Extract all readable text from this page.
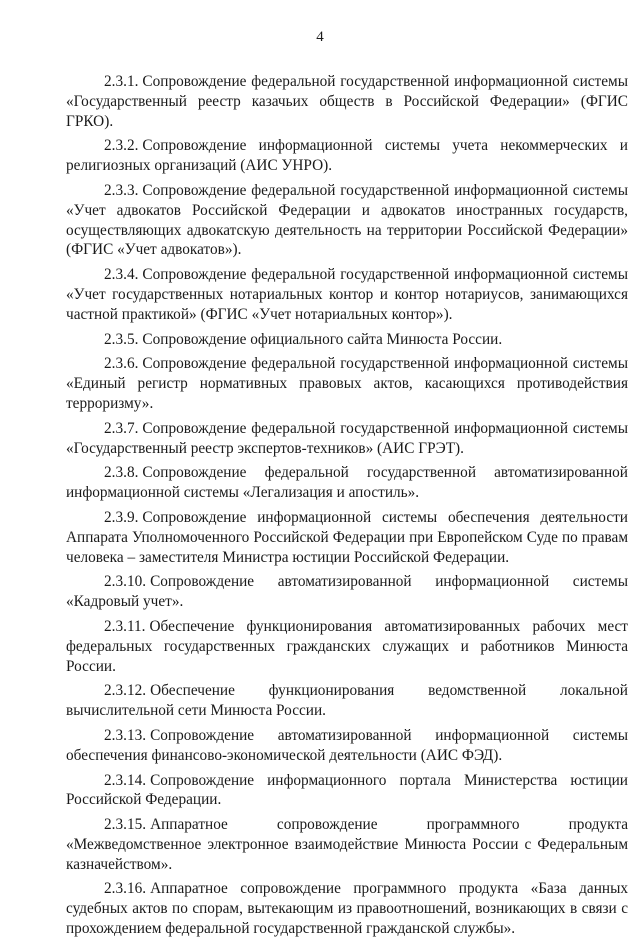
4

2.3.1. Сопровождение федеральной государственной информационной системы «Государственный реестр казачьих обществ в Российской Федерации» (ФГИС ГРКО).

2.3.2. Сопровождение информационной системы учета некоммерческих и религиозных организаций (АИС УНРО).

2.3.3. Сопровождение федеральной государственной информационной системы «Учет адвокатов Российской Федерации и адвокатов иностранных государств, осуществляющих адвокатскую деятельность на территории Российской Федерации» (ФГИС «Учет адвокатов»).

2.3.4. Сопровождение федеральной государственной информационной системы «Учет государственных нотариальных контор и контор нотариусов, занимающихся частной практикой» (ФГИС «Учет нотариальных контор»).

2.3.5. Сопровождение официального сайта Минюста России.

2.3.6. Сопровождение федеральной государственной информационной системы «Единый регистр нормативных правовых актов, касающихся противодействия терроризму».

2.3.7. Сопровождение федеральной государственной информационной системы «Государственный реестр экспертов-техников» (АИС ГРЭТ).

2.3.8. Сопровождение федеральной государственной автоматизированной информационной системы «Легализация и апостиль».

2.3.9. Сопровождение информационной системы обеспечения деятельности Аппарата Уполномоченного Российской Федерации при Европейском Суде по правам человека – заместителя Министра юстиции Российской Федерации.

2.3.10. Сопровождение автоматизированной информационной системы «Кадровый учет».

2.3.11. Обеспечение функционирования автоматизированных рабочих мест федеральных государственных гражданских служащих и работников Минюста России.

2.3.12. Обеспечение функционирования ведомственной локальной вычислительной сети Минюста России.

2.3.13. Сопровождение автоматизированной информационной системы обеспечения финансово-экономической деятельности (АИС ФЭД).

2.3.14. Сопровождение информационного портала Министерства юстиции Российской Федерации.

2.3.15. Аппаратное сопровождение программного продукта «Межведомственное электронное взаимодействие Минюста России с Федеральным казначейством».

2.3.16. Аппаратное сопровождение программного продукта «База данных судебных актов по спорам, вытекающим из правоотношений, возникающих в связи с прохождением федеральной государственной гражданской службы».
